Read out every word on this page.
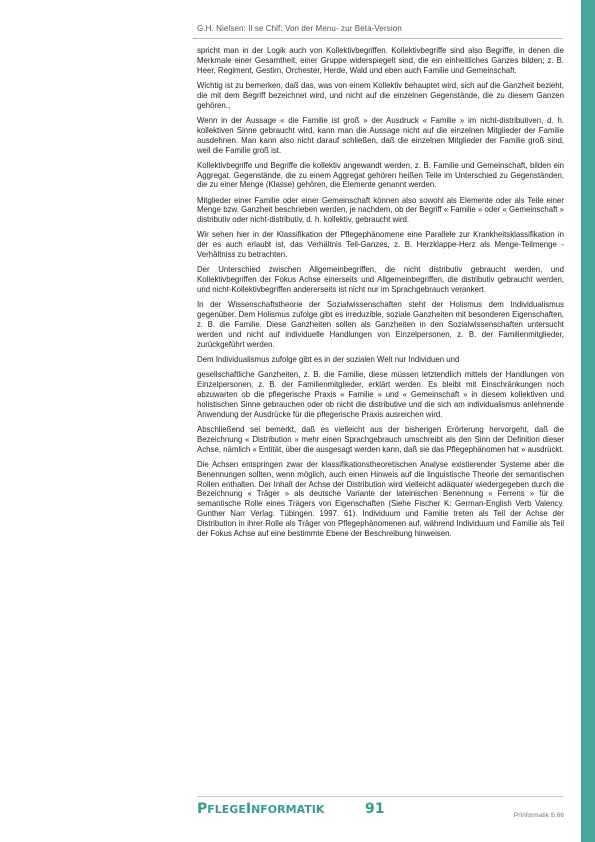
G.H. Nielsen: Il se Chlf: Von der Menu- zur Beta-Version

spricht man in der Logik auch von Kollektivbegriffen. Kollektivbegriffe sind also Begriffe, in denen die Merkmale einer Gesamtheit, einer Gruppe widerspiegelt sind, die ein einheitliches Ganzes bilden; z. B. Heer, Regiment, Gestirn, Orchester, Herde, Wald und eben auch Familie und Gemeinschaft.

Wichtig ist zu bemerken, daß das, was von einem Kollektiv behauptet wird, sich auf die Ganzheit bezieht, die mit dem Begriff bezeichnet wird, und nicht auf die einzelnen Gegenstände, die zu diesem Ganzen gehören.,

Wenn in der Aussage « die Familie ist groß » der Ausdruck « Familie » im nicht-distributiven, d. h. kollektiven Sinne gebraucht wird, kann man die Aussage nicht auf die einzelnen Mitglieder der Familie ausdehnen. Man kann also nicht darauf schließen, daß die einzelnen Mitglieder der Familie groß sind, weil die Familie groß ist.

Kollektivbegriffe und Begriffe die kollektiv angewandt werden, z. B. Familie und Gemeinschaft, bilden ein Aggregat. Gegenstände, die zu einem Aggregat gehören heißen Teile im Unterschied zu Gegenständen, die zu einer Menge (Klasse) gehören, die Elemente genannt werden.

Mitglieder einer Familie oder einer Gemeinschaft können also sowohl als Elemente oder als Teile einer Menge bzw. Ganzheit beschrieben werden, je nachdem, ob der Begriff « Familie » oder « Gemeinschaft » distributiv oder nicht-distributiv, d. h. kollektiv, gebraucht wird.

Wir sehen hier in der Klassifikation der Pflegephänomene eine Parallele zur Krankheitsklassifikation in der es auch erlaubt ist, das Verhältnis Teil-Ganzes, z. B. Herzklappe-Herz als Menge-Teilmenge -Verhältniss zu betrachten.

Der Unterschied zwischen Allgemeinbegriffen, die nicht distributiv gebraucht werden, und Kollektivbegriffen der Fokus Achse einerseits und Allgemeinbegriffen, die distributiv gebraucht werden, und nicht-Kollektivbegriffen andererseits ist nicht nur im Sprachgebrauch verankert.

In der Wissenschaftstheorie der Sozialwissenschaften steht der Holismus dem Individualismus gegenüber. Dem Holismus zufolge gibt es irreduzible, soziale Ganzheiten mit besonderen Eigenschaften, z. B. die Familie. Diese Ganzheiten sollen als Ganzheiten in den Sozialwissenschaften untersucht werden und nicht auf individuelle Handlungen von Einzelpersonen, z. B. der Familienmitglieder, zurückgeführt werden.

Dem Individualismus zufolge gibt es in der sozialen Welt nur Individuen und

gesellschaftliche Ganzheiten, z. B. die Familie, diese müssen letztendlich mittels der Handlungen von Einzelpersonen, z. B. der Familienmitglieder, erklärt werden. Es bleibt mit Einschränkungen noch abzuwarten ob die pflegerische Praxis « Familie » und « Gemeinschaft » in diesem kollektiven und holistischen Sinne gebrauchen oder ob nicht die distributive und die sich am individualismus anlehnende Anwendung der Ausdrücke für die pflegerische Praxis ausreichen wird.

Abschließend sei bemerkt, daß es vielleicht aus der bisherigen Erörterung hervorgeht, daß die Bezeichnung « Distribution » mehr einen Sprachgebrauch umschreibt als den Sinn der Definition dieser Achse, nämlich « Entität, über die ausgesagt werden kann, daß sie das Pflegephänomen hat » ausdrückt.

Die Achsen entspringen zwar der klassifikationstheoretischen Analyse existierender Systeme aber die Benennungen sollten, wenn möglich, auch einen Hinweis auf die linguistische Theorie der semantischen Rollen enthalten. Der Inhalt der Achse der Distribution wird vielleicht adäquater wiedergegeben durch die Bezeichnung « Träger » als deutsche Variante der lateinischen Benennung « Ferrens » für die semantische Rolle eines Trägers von Eigenschaften (Siehe Fischer K: German-English Verb Valency. Gunther Narr Verlag. Tübingen. 1997. 61). Individuum und Familie treten als Teil der Achse der Distribution in ihrer Rolle als Träger von Pflegephänomenen auf, während Individuum und Familie als Teil der Fokus Achse auf eine bestimmte Ebene der Beschreibung hinweisen.

PFLEGEINFORMATIK	91	PrInformatik S.66
